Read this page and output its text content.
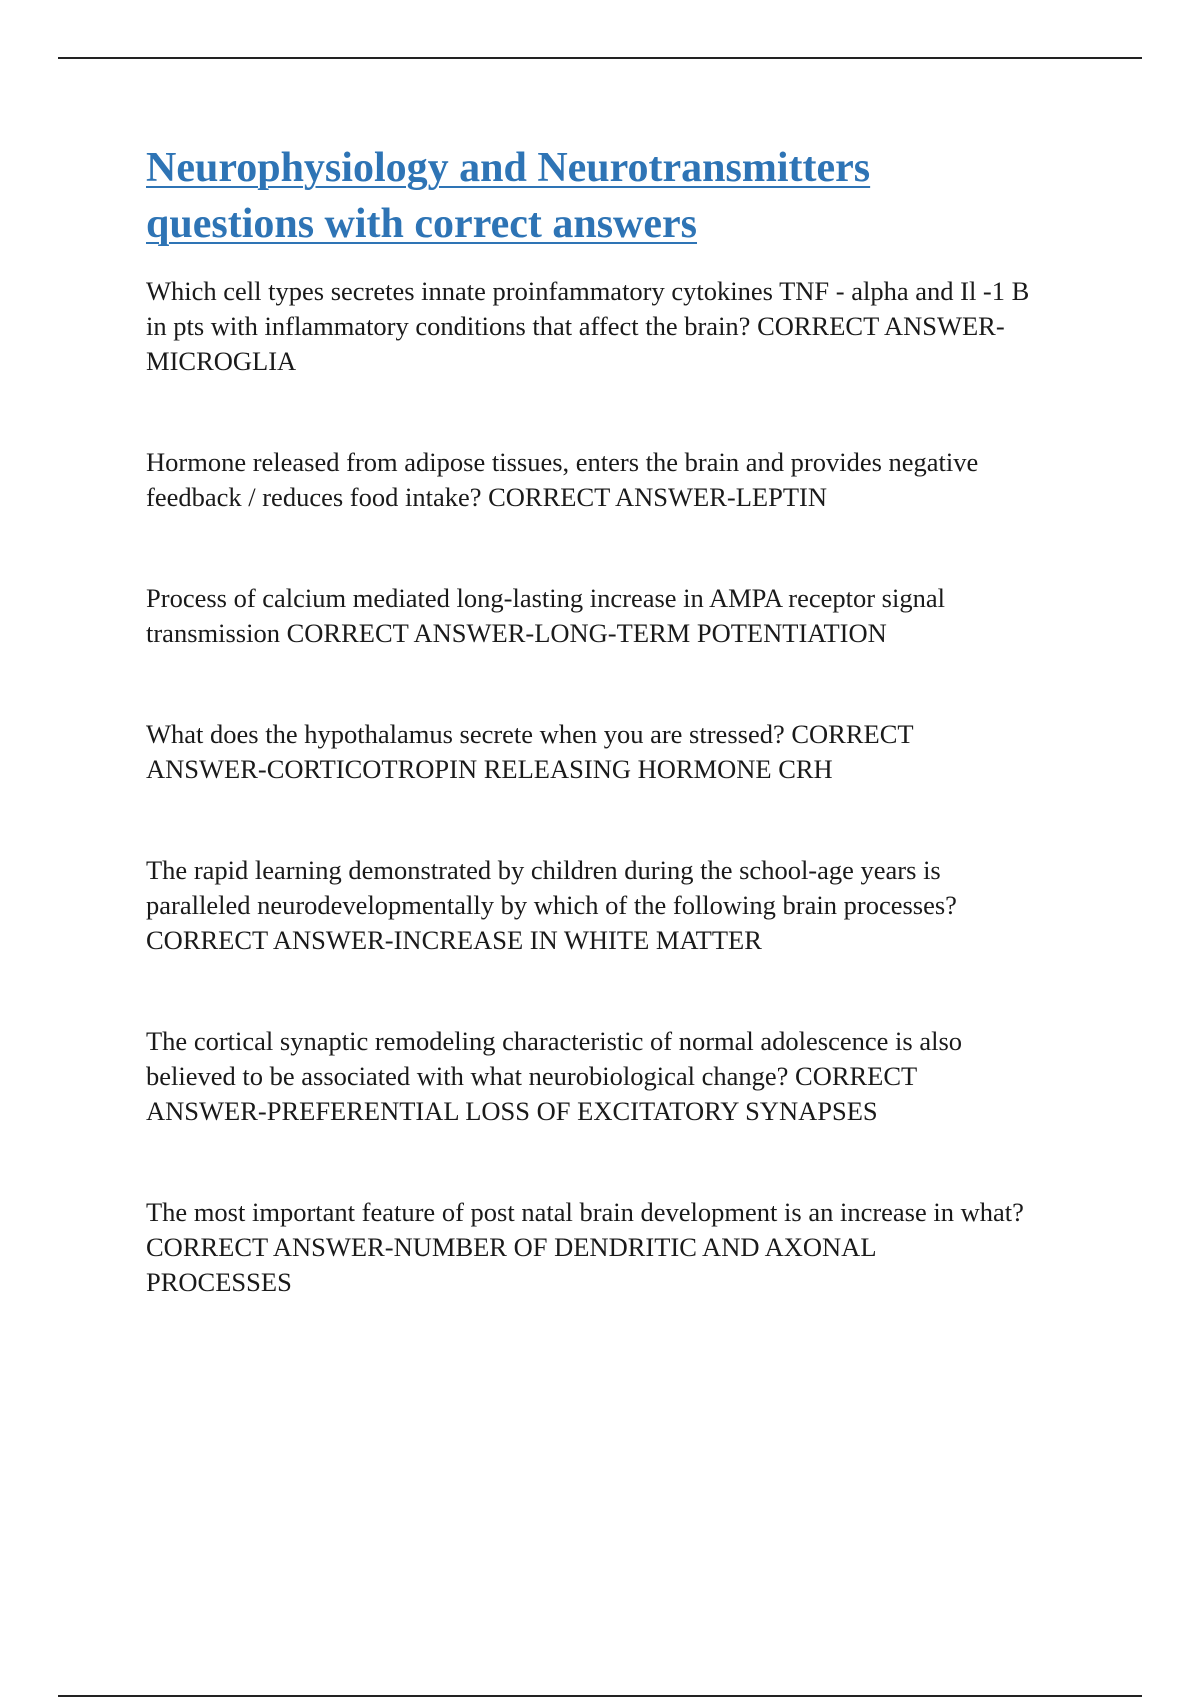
Neurophysiology and Neurotransmitters
questions with correct answers

Which cell types secretes innate proinfammatory cytokines TNF - alpha and Il -1 B
in pts with inflammatory conditions that affect the brain? CORRECT ANSWER-
MICROGLIA

Hormone released from adipose tissues, enters the brain and provides negative
feedback / reduces food intake? CORRECT ANSWER-LEPTIN

Process of calcium mediated long-lasting increase in AMPA receptor signal
transmission CORRECT ANSWER-LONG-TERM POTENTIATION

What does the hypothalamus secrete when you are stressed? CORRECT
ANSWER-CORTICOTROPIN RELEASING HORMONE CRH

The rapid learning demonstrated by children during the school-age years is
paralleled neurodevelopmentally by which of the following brain processes?
CORRECT ANSWER-INCREASE IN WHITE MATTER

The cortical synaptic remodeling characteristic of normal adolescence is also
believed to be associated with what neurobiological change? CORRECT
ANSWER-PREFERENTIAL LOSS OF EXCITATORY SYNAPSES

The most important feature of post natal brain development is an increase in what?
CORRECT ANSWER-NUMBER OF DENDRITIC AND AXONAL
PROCESSES
